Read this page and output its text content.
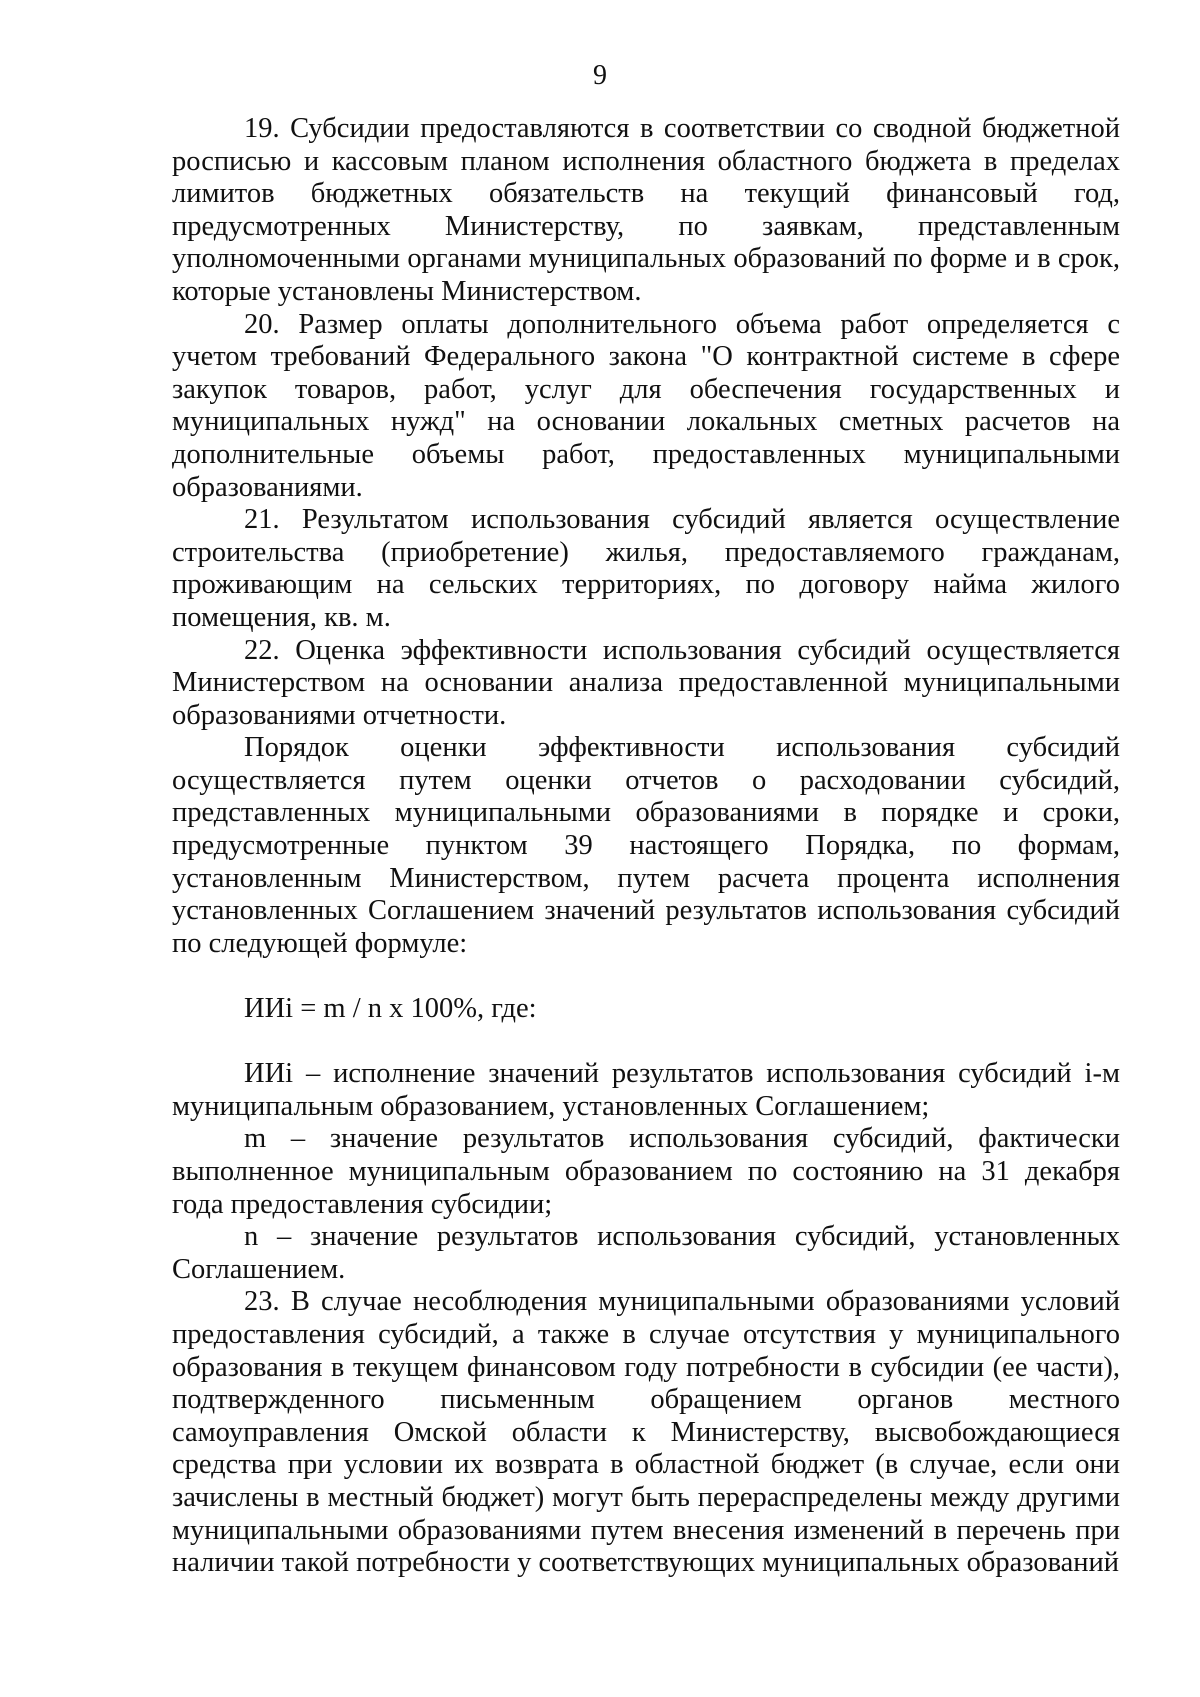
9

19. Субсидии предоставляются в соответствии со сводной бюджетной росписью и кассовым планом исполнения областного бюджета в пределах лимитов бюджетных обязательств на текущий финансовый год, предусмотренных Министерству, по заявкам, представленным уполномоченными органами муниципальных образований по форме и в срок, которые установлены Министерством.

20. Размер оплаты дополнительного объема работ определяется с учетом требований Федерального закона "О контрактной системе в сфере закупок товаров, работ, услуг для обеспечения государственных и муниципальных нужд" на основании локальных сметных расчетов на дополнительные объемы работ, предоставленных муниципальными образованиями.

21. Результатом использования субсидий является осуществление строительства (приобретение) жилья, предоставляемого гражданам, проживающим на сельских территориях, по договору найма жилого помещения, кв. м.

22. Оценка эффективности использования субсидий осуществляется Министерством на основании анализа предоставленной муниципальными образованиями отчетности.

Порядок оценки эффективности использования субсидий осуществляется путем оценки отчетов о расходовании субсидий, представленных муниципальными образованиями в порядке и сроки, предусмотренные пунктом 39 настоящего Порядка, по формам, установленным Министерством, путем расчета процента исполнения установленных Соглашением значений результатов использования субсидий по следующей формуле:

ИИi = m / n x 100%, где:

ИИi – исполнение значений результатов использования субсидий i-м муниципальным образованием, установленных Соглашением;

m – значение результатов использования субсидий, фактически выполненное муниципальным образованием по состоянию на 31 декабря года предоставления субсидии;

n – значение результатов использования субсидий, установленных Соглашением.

23. В случае несоблюдения муниципальными образованиями условий предоставления субсидий, а также в случае отсутствия у муниципального образования в текущем финансовом году потребности в субсидии (ее части), подтвержденного письменным обращением органов местного самоуправления Омской области к Министерству, высвобождающиеся средства при условии их возврата в областной бюджет (в случае, если они зачислены в местный бюджет) могут быть перераспределены между другими муниципальными образованиями путем внесения изменений в перечень при наличии такой потребности у соответствующих муниципальных образований
